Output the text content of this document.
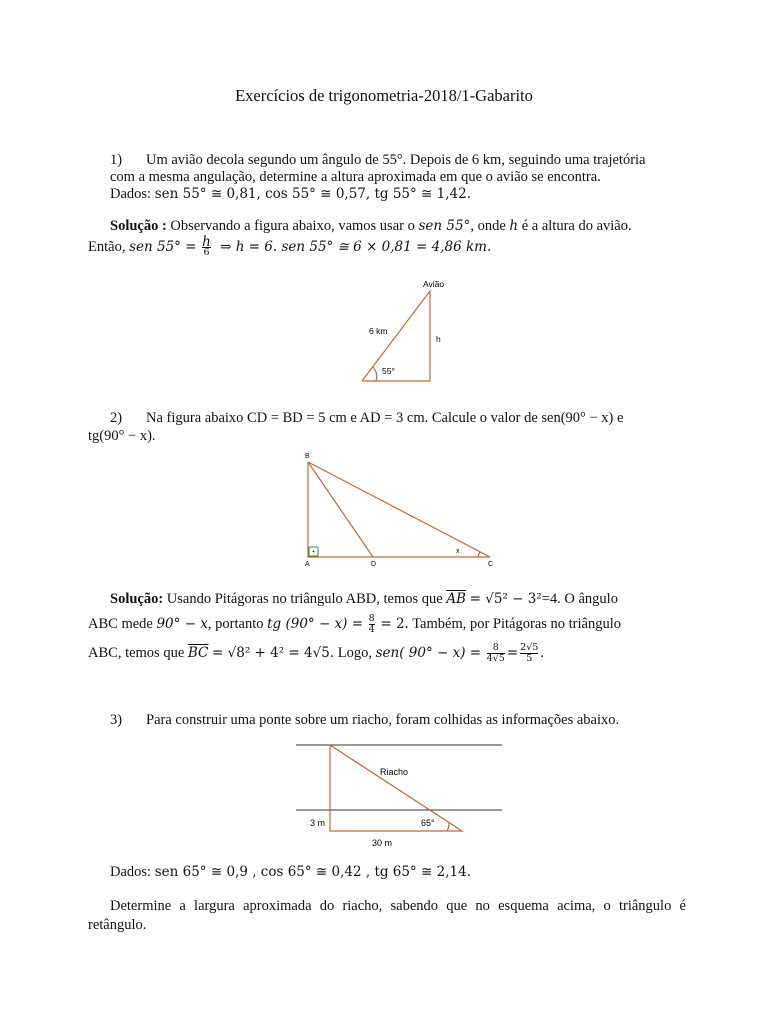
Exercícios de trigonometria-2018/1-Gabarito
1) Um avião decola segundo um ângulo de 55°. Depois de 6 km, seguindo uma trajetória
com a mesma angulação, determine a altura aproximada em que o avião se encontra.
Dados: sen 55° ≅ 0,81, cos 55° ≅ 0,57, tg 55° ≅ 1,42.
Solução : Observando a figura abaixo, vamos usar o sen 55°, onde h é a altura do avião.
Então, sen $55^\circ = \frac{h}{6}$ ⇒ h = 6. sen 55° ≅ 6 × 0,81 = 4,86 km.
Avião
6 km
h
55°
2) Na figura abaixo CD = BD = 5 cm e AD = 3 cm. Calcule o valor de sen(90° − x) e
tg(90° − x).
B
A	D	C
x
Solução: Usando Pitágoras no triângulo ABD, temos que $\overline{AB} = √5^2 - 3^2=4$. O ângulo
ABC mede 90° − x, portanto tg $(90^\circ - x) = \frac{8}{4} = 2$. Também, por Pitágoras no triângulo
ABC, temos que $\overline{BC} = √8^2 + 4^2 = 4√5$. Logo, sen( $90^\circ - x) = \frac{8}{4√5} = \frac{2√5}{5}$ .
3) Para construir uma ponte sobre um riacho, foram colhidas as informações abaixo.
Riacho
3 m	65°
30 m
Dados: sen 65° ≅ 0,9 , cos 65° ≅ 0,42 , tg 65° ≅ 2,14.
Determine a largura aproximada do riacho, sabendo que no esquema acima, o triângulo é
retângulo.
